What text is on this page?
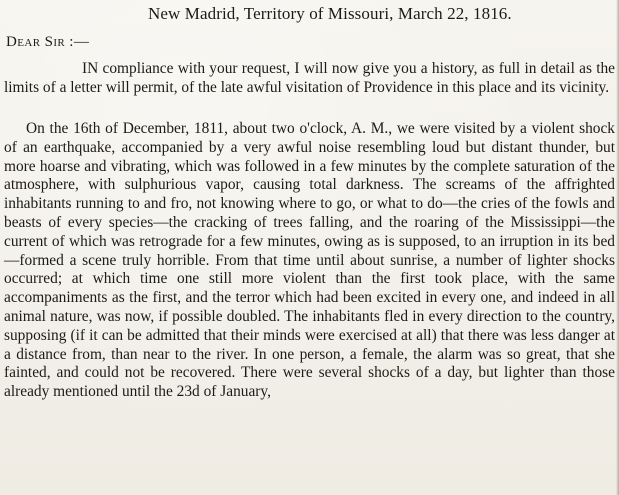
New Madrid, Territory of Missouri, March 22, 1816.
Dear Sir :—

IN compliance with your request, I will now give you a history, as full in detail as the limits of a letter will permit, of the late awful visitation of Providence in this place and its vicinity.

On the 16th of December, 1811, about two o'clock, A. M., we were visited by a violent shock of an earthquake, accompanied by a very awful noise resembling loud but distant thunder, but more hoarse and vibrating, which was followed in a few minutes by the complete saturation of the atmosphere, with sulphurious vapor, causing total darkness. The screams of the affrighted inhabitants running to and fro, not knowing where to go, or what to do—the cries of the fowls and beasts of every species—the cracking of trees falling, and the roaring of the Mississippi—the current of which was retrograde for a few minutes, owing as is supposed, to an irruption in its bed—formed a scene truly horrible. From that time until about sunrise, a number of lighter shocks occurred; at which time one still more violent than the first took place, with the same accompaniments as the first, and the terror which had been excited in every one, and indeed in all animal nature, was now, if possible doubled. The inhabitants fled in every direction to the country, supposing (if it can be admitted that their minds were exercised at all) that there was less danger at a distance from, than near to the river. In one person, a female, the alarm was so great, that she fainted, and could not be recovered. There were several shocks of a day, but lighter than those already mentioned until the 23d of January,
